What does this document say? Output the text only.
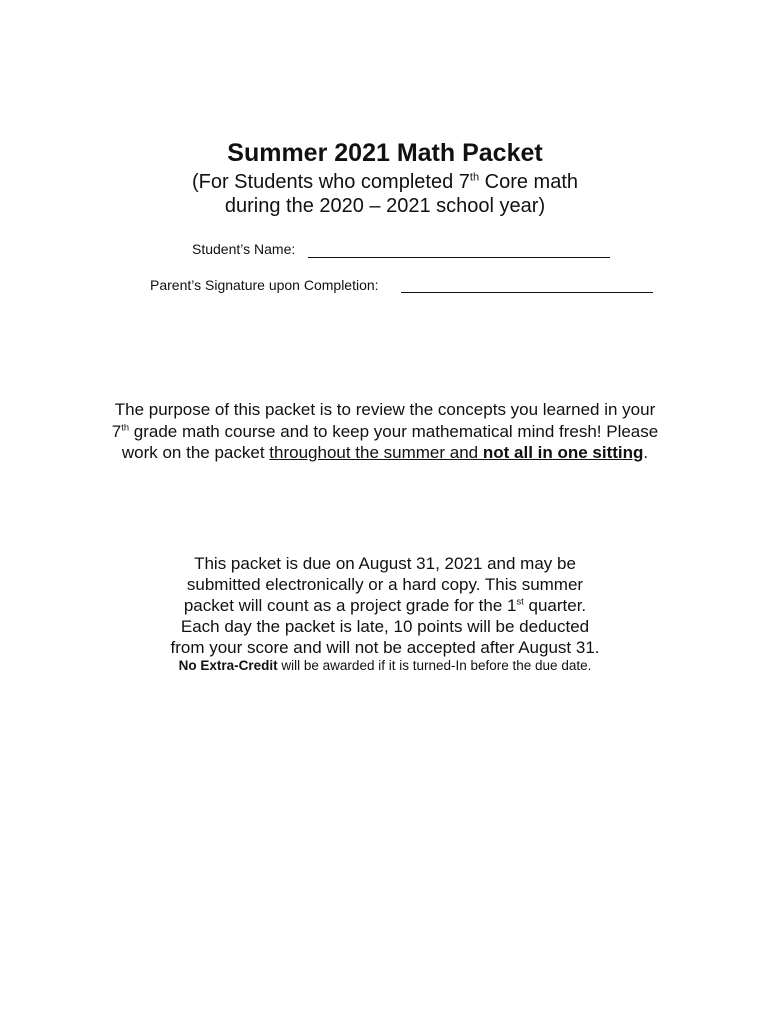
Summer 2021 Math Packet
(For Students who completed 7th Core math
during the 2020 – 2021 school year)
Student’s Name:
Parent’s Signature upon Completion:
The purpose of this packet is to review the concepts you learned in your
7th grade math course and to keep your mathematical mind fresh! Please
work on the packet throughout the summer and not all in one sitting.
This packet is due on August 31, 2021 and may be
submitted electronically or a hard copy. This summer
packet will count as a project grade for the 1st quarter.
Each day the packet is late, 10 points will be deducted
from your score and will not be accepted after August 31.
No Extra-Credit will be awarded if it is turned-In before the due date.
